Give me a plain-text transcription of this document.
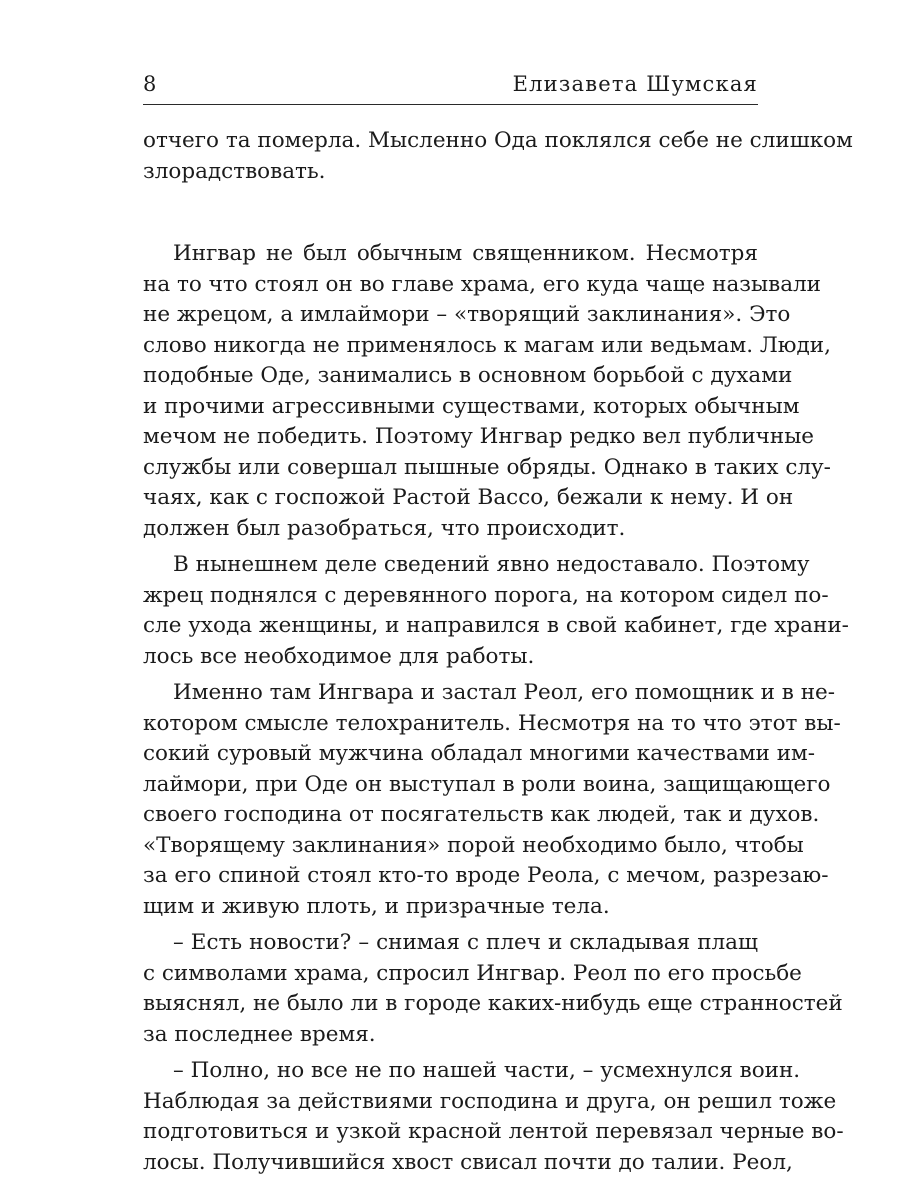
8	Елизавета Шумская
отчего та померла. Мысленно Ода поклялся себе не слишком
злорадствовать.
Ингвар не был обычным священником. Несмотря
на то что стоял он во главе храма, его куда чаще называли
не жрецом, а имлаймори – «творящий заклинания». Это
слово никогда не применялось к магам или ведьмам. Люди,
подобные Оде, занимались в основном борьбой с духами
и прочими агрессивными существами, которых обычным
мечом не победить. Поэтому Ингвар редко вел публичные
службы или совершал пышные обряды. Однако в таких слу-
чаях, как с госпожой Растой Вассо, бежали к нему. И он
должен был разобраться, что происходит.
В нынешнем деле сведений явно недоставало. Поэтому
жрец поднялся с деревянного порога, на котором сидел по-
сле ухода женщины, и направился в свой кабинет, где храни-
лось все необходимое для работы.
Именно там Ингвара и застал Реол, его помощник и в не-
котором смысле телохранитель. Несмотря на то что этот вы-
сокий суровый мужчина обладал многими качествами им-
лаймори, при Оде он выступал в роли воина, защищающего
своего господина от посягательств как людей, так и духов.
«Творящему заклинания» порой необходимо было, чтобы
за его спиной стоял кто-то вроде Реола, с мечом, разрезаю-
щим и живую плоть, и призрачные тела.
– Есть новости? – снимая с плеч и складывая плащ
с символами храма, спросил Ингвар. Реол по его просьбе
выяснял, не было ли в городе каких-нибудь еще странностей
за последнее время.
– Полно, но все не по нашей части, – усмехнулся воин.
Наблюдая за действиями господина и друга, он решил тоже
подготовиться и узкой красной лентой перевязал черные во-
лосы. Получившийся хвост свисал почти до талии. Реол,
